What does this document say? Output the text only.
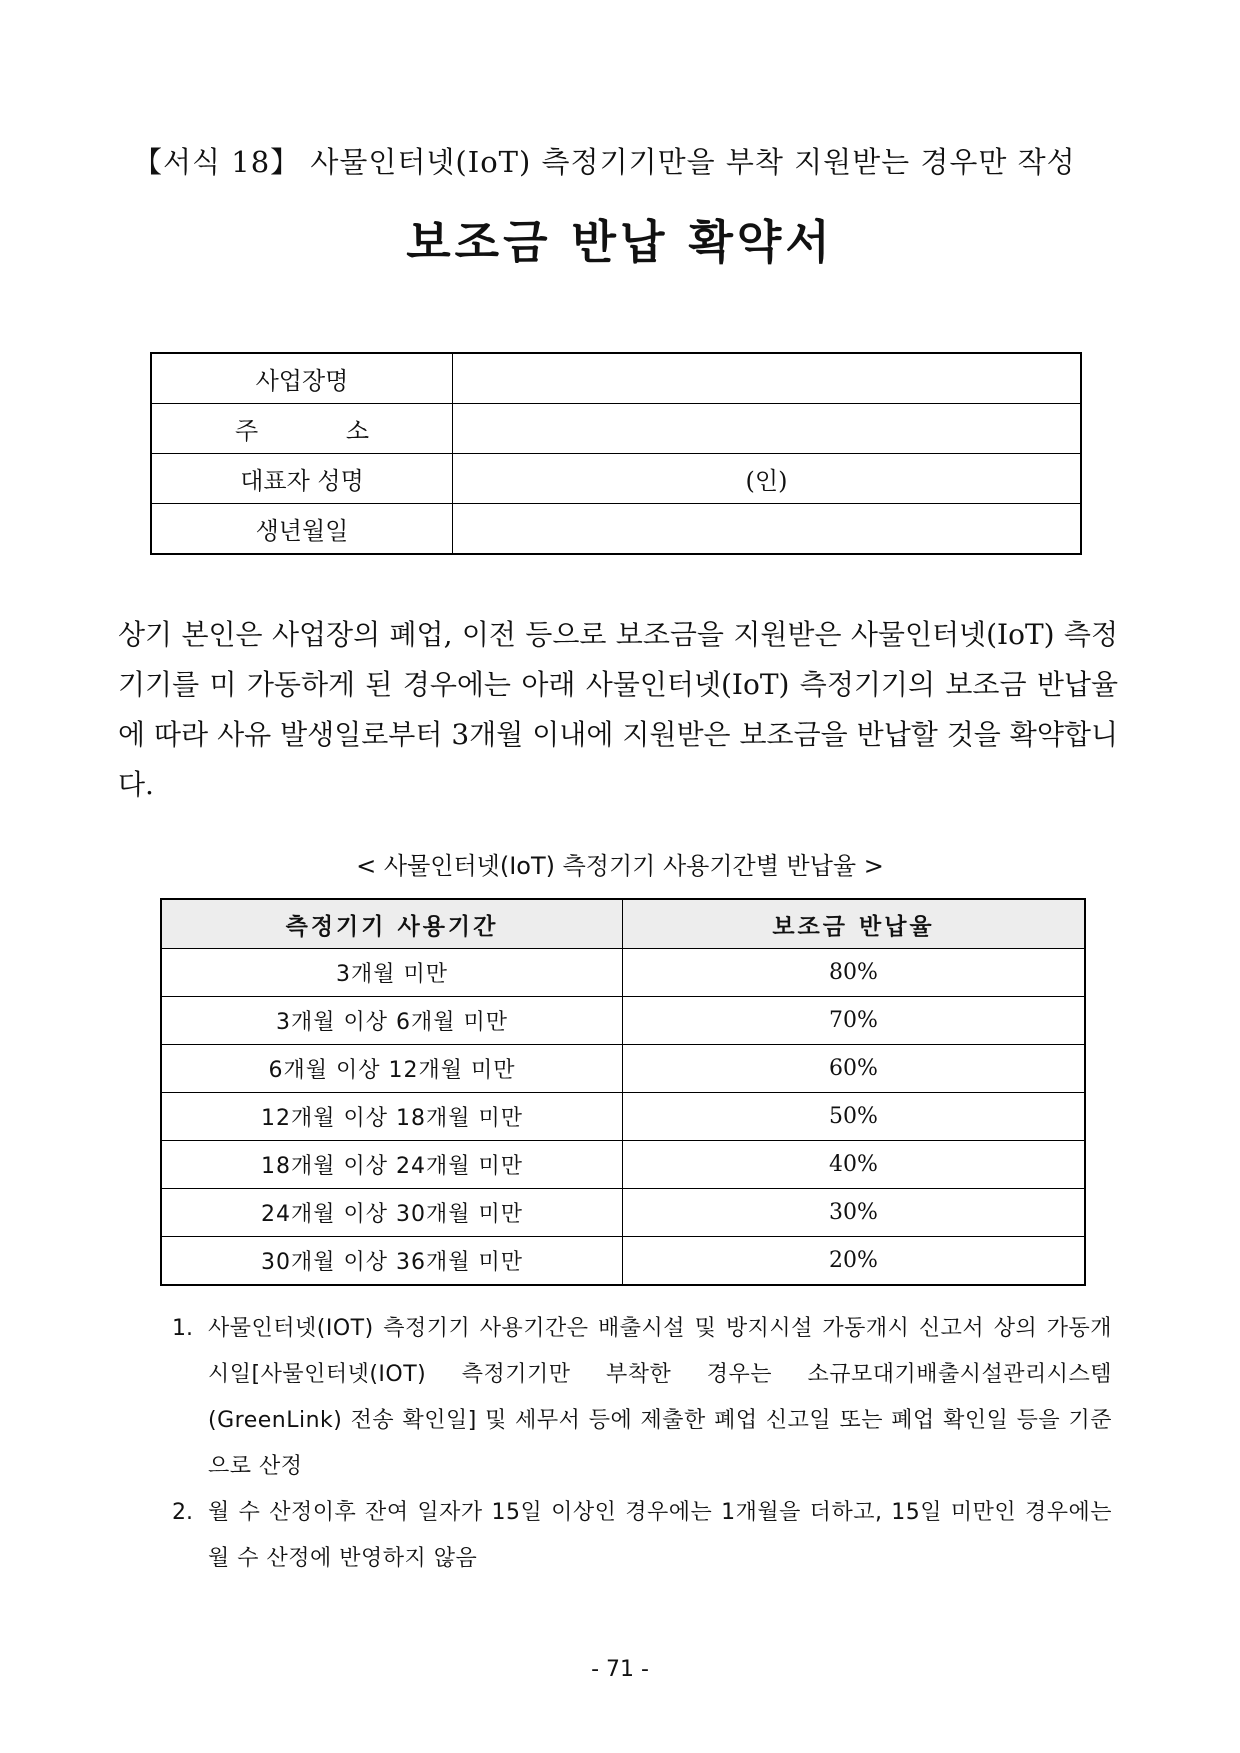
【서식 18】 사물인터넷(IoT) 측정기기만을 부착 지원받는 경우만 작성
보조금 반납 확약서
사업장명	
주 소	
대표자 성명	(인)
생년월일	
상기 본인은 사업장의 폐업, 이전 등으로 보조금을 지원받은 사물인터넷(IoT) 측정기기를 미 가동하게 된 경우에는 아래 사물인터넷(IoT) 측정기기의 보조금 반납율에 따라 사유 발생일로부터 3개월 이내에 지원받은 보조금을 반납할 것을 확약합니다.
< 사물인터넷(IoT) 측정기기 사용기간별 반납율 >
측정기기 사용기간	보조금 반납율
3개월 미만	80%
3개월 이상 6개월 미만	70%
6개월 이상 12개월 미만	60%
12개월 이상 18개월 미만	50%
18개월 이상 24개월 미만	40%
24개월 이상 30개월 미만	30%
30개월 이상 36개월 미만	20%
1. 사물인터넷(IOT) 측정기기 사용기간은 배출시설 및 방지시설 가동개시 신고서 상의 가동개시일[사물인터넷(IOT) 측정기기만 부착한 경우는 소규모대기배출시설관리시스템(GreenLink) 전송 확인일] 및 세무서 등에 제출한 폐업 신고일 또는 폐업 확인일 등을 기준으로 산정
2. 월 수 산정이후 잔여 일자가 15일 이상인 경우에는 1개월을 더하고, 15일 미만인 경우에는 월 수 산정에 반영하지 않음
- 71 -
